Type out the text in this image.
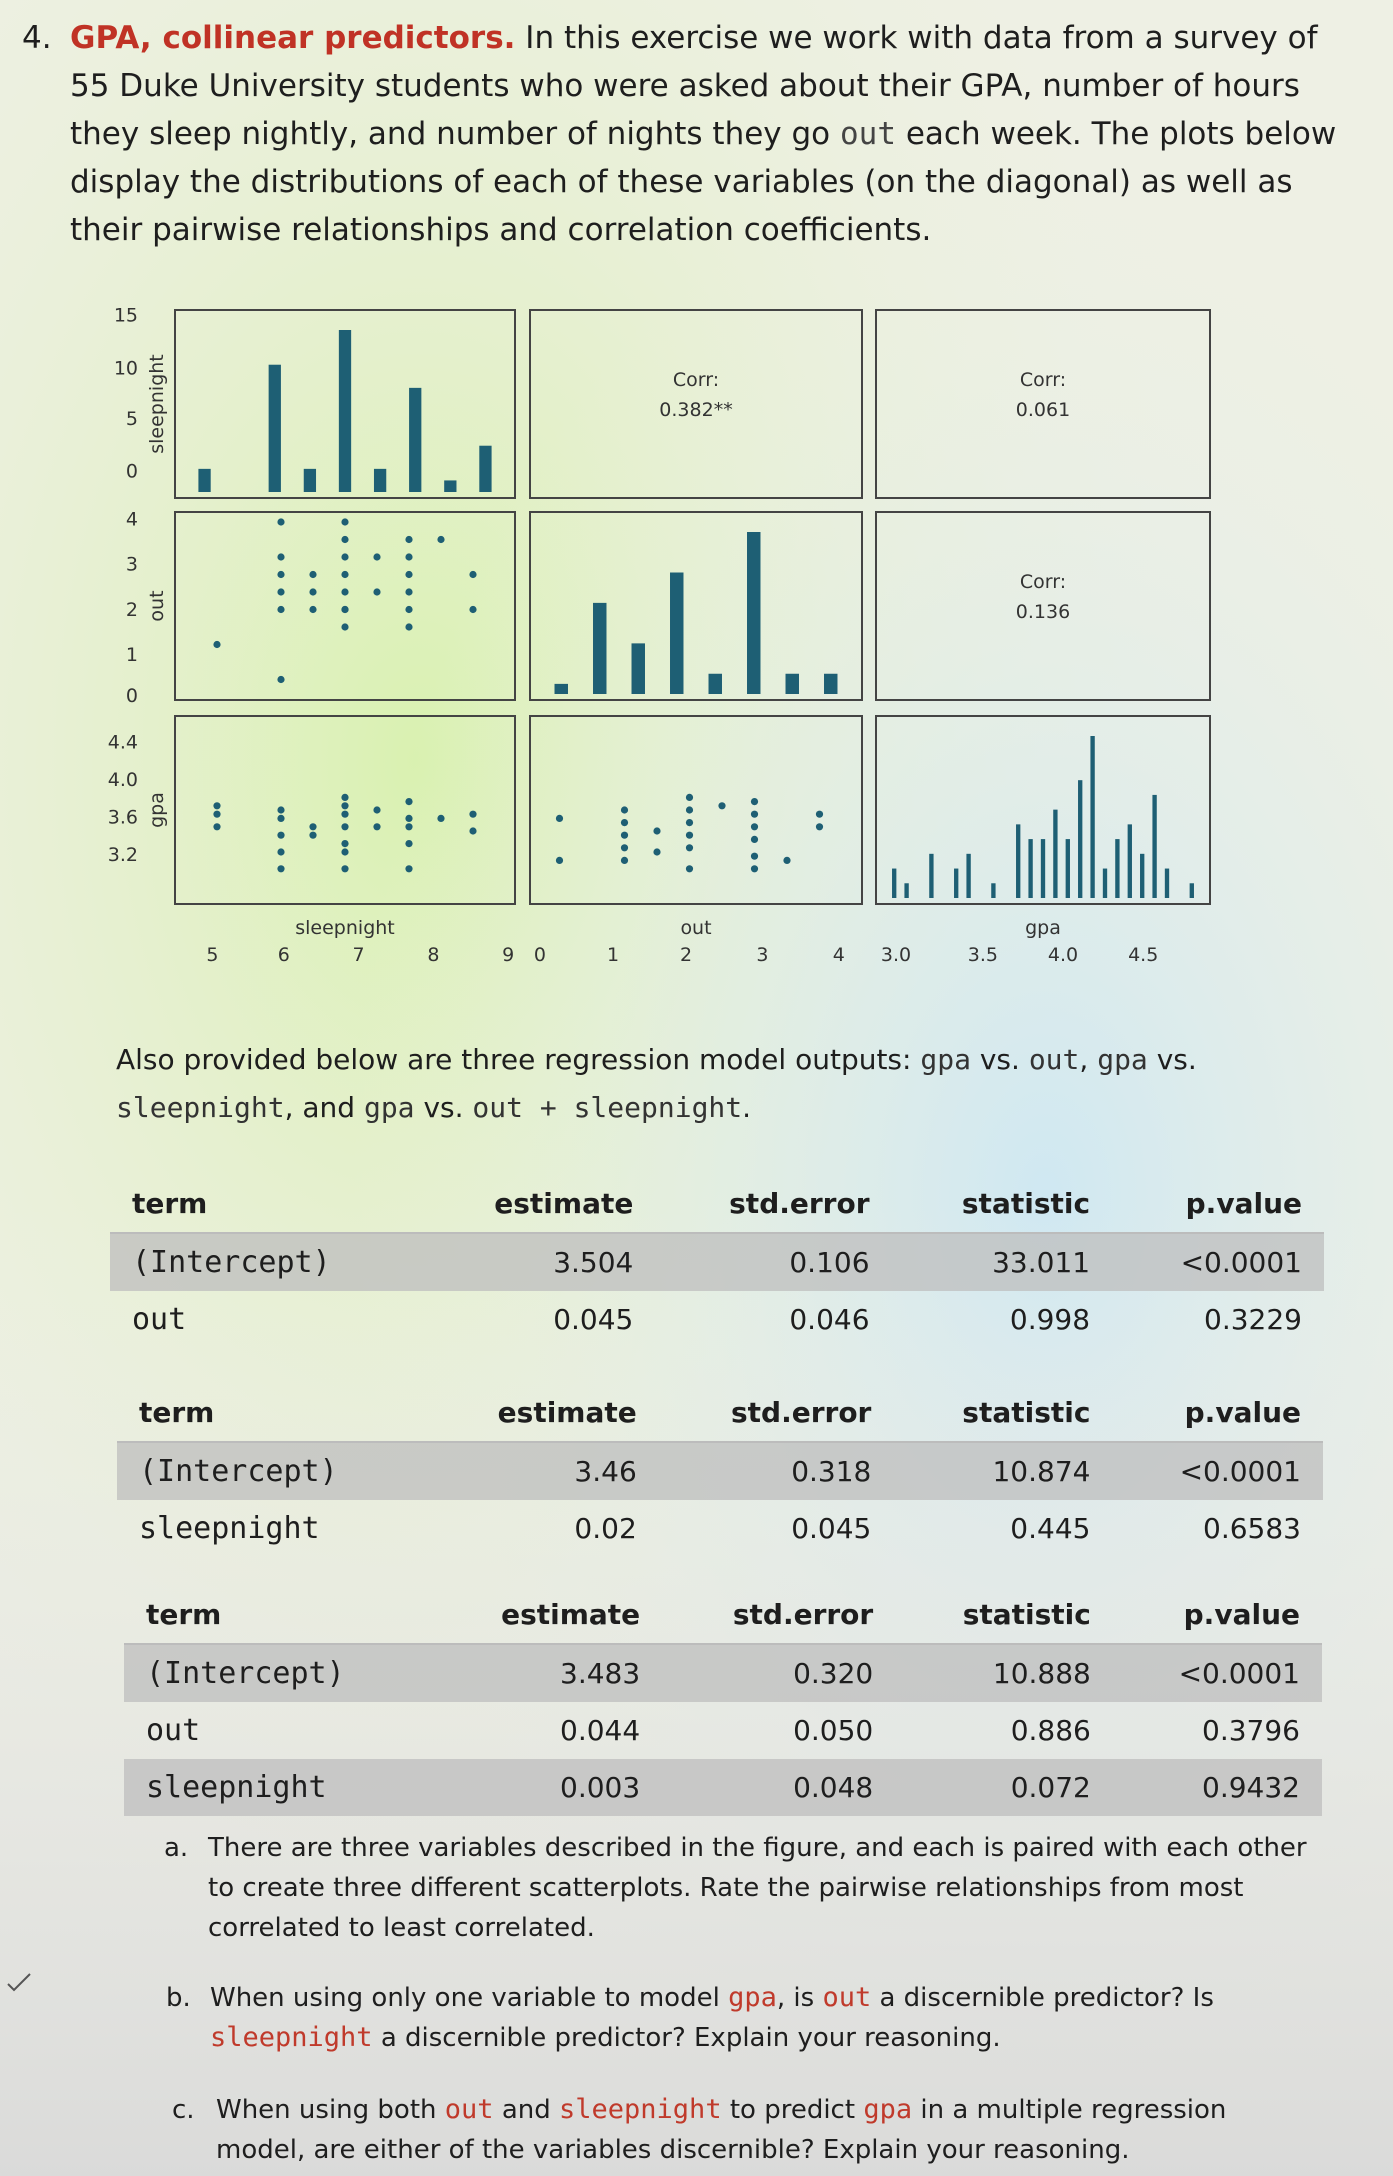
4. GPA, collinear predictors. In this exercise we work with data from a survey of 55 Duke University students who were asked about their GPA, number of hours they sleep nightly, and number of nights they go out each week. The plots below display the distributions of each of these variables (on the diagonal) as well as their pairwise relationships and correlation coefficients.
sleepnight
out
gpa
15
10
5
0
4
3
2
1
0
4.4
4.0
3.6
3.2
sleepnight
5	6	7	8	9
out
0	1	2	3	4
gpa
3.0	3.5	4.0	4.5
Corr:
0.382**
Corr:
0.061
Corr:
0.136
Also provided below are three regression model outputs: gpa vs. out, gpa vs. sleepnight, and gpa vs. out + sleepnight.
term	estimate	std.error	statistic	p.value
(Intercept)	3.504	0.106	33.011	<0.0001
out	0.045	0.046	0.998	0.3229
term	estimate	std.error	statistic	p.value
(Intercept)	3.46	0.318	10.874	<0.0001
sleepnight	0.02	0.045	0.445	0.6583
term	estimate	std.error	statistic	p.value
(Intercept)	3.483	0.320	10.888	<0.0001
out	0.044	0.050	0.886	0.3796
sleepnight	0.003	0.048	0.072	0.9432
a. There are three variables described in the figure, and each is paired with each other to create three different scatterplots. Rate the pairwise relationships from most correlated to least correlated.
b. When using only one variable to model gpa, is out a discernible predictor? Is sleepnight a discernible predictor? Explain your reasoning.
c. When using both out and sleepnight to predict gpa in a multiple regression model, are either of the variables discernible? Explain your reasoning.
